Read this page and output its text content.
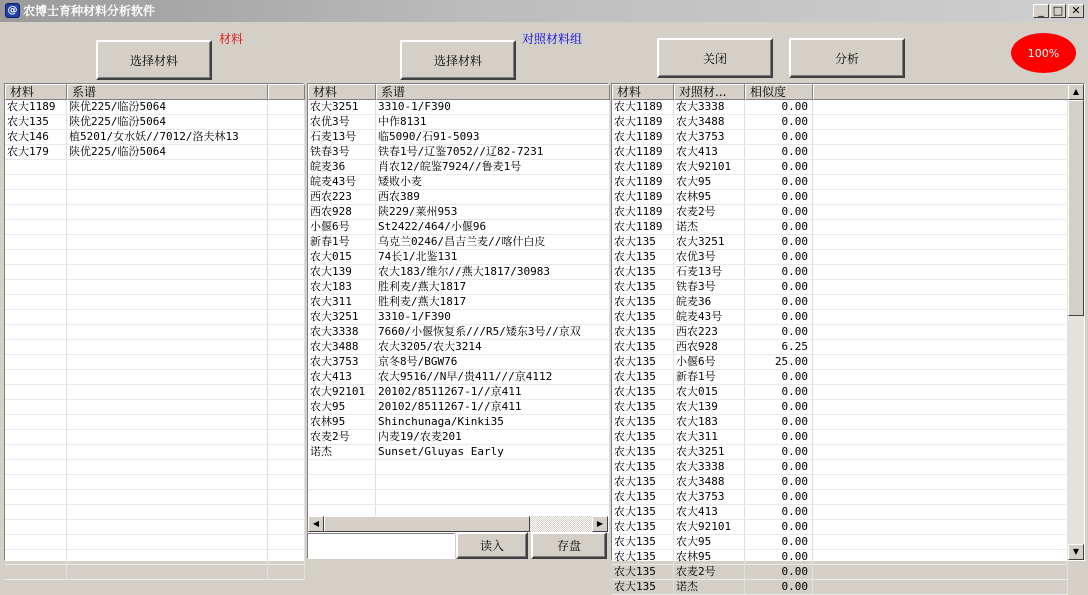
@ 农博士育种材料分析软件	_ □ ✕
选择材料
材料
选择材料
对照材料组
关闭	分析	100%
材料	系谱
农大1189	陕优225/临汾5064
农大135	陕优225/临汾5064
农大146	植5201/女水妖//7012/洛夫林13
农大179	陕优225/临汾5064
材料	系谱
农大3251	3310-1/F390
农优3号	中作8131
石麦13号	临5090/石91-5093
铁春3号	铁春1号/辽鉴7052//辽82-7231
皖麦36	肖农12/皖鉴7924//鲁麦1号
皖麦43号	矮败小麦
西农223	西农389
西农928	陕229/莱州953
小偃6号	St2422/464/小偃96
新春1号	乌克兰0246/昌吉兰麦//喀什白皮
农大015	74长1/北鉴131
农大139	农大183/维尔//燕大1817/30983
农大183	胜利麦/燕大1817
农大311	胜利麦/燕大1817
农大3251	3310-1/F390
农大3338	7660/小偃恢复系///R5/矮东3号//京双
农大3488	农大3205/农大3214
农大3753	京冬8号/BGW76
农大413	农大9516//N早/贵411///京4112
农大92101	20102/8511267-1//京411
农大95	20102/8511267-1//京411
农林95	Shinchunaga/Kinki35
农麦2号	内麦19/农麦201
诺杰	Sunset/Gluyas Early
◀	▶
读入	存盘
材料	对照材...	相似度
农大1189	农大3338	0.00
农大1189	农大3488	0.00
农大1189	农大3753	0.00
农大1189	农大413	0.00
农大1189	农大92101	0.00
农大1189	农大95	0.00
农大1189	农林95	0.00
农大1189	农麦2号	0.00
农大1189	诺杰	0.00
农大135	农大3251	0.00
农大135	农优3号	0.00
农大135	石麦13号	0.00
农大135	铁春3号	0.00
农大135	皖麦36	0.00
农大135	皖麦43号	0.00
农大135	西农223	0.00
农大135	西农928	6.25
农大135	小偃6号	25.00
农大135	新春1号	0.00
农大135	农大015	0.00
农大135	农大139	0.00
农大135	农大183	0.00
农大135	农大311	0.00
农大135	农大3251	0.00
农大135	农大3338	0.00
农大135	农大3488	0.00
农大135	农大3753	0.00
农大135	农大413	0.00
农大135	农大92101	0.00
农大135	农大95	0.00
农大135	农林95	0.00
农大135	农麦2号	0.00
农大135	诺杰	0.00
▲
▼
